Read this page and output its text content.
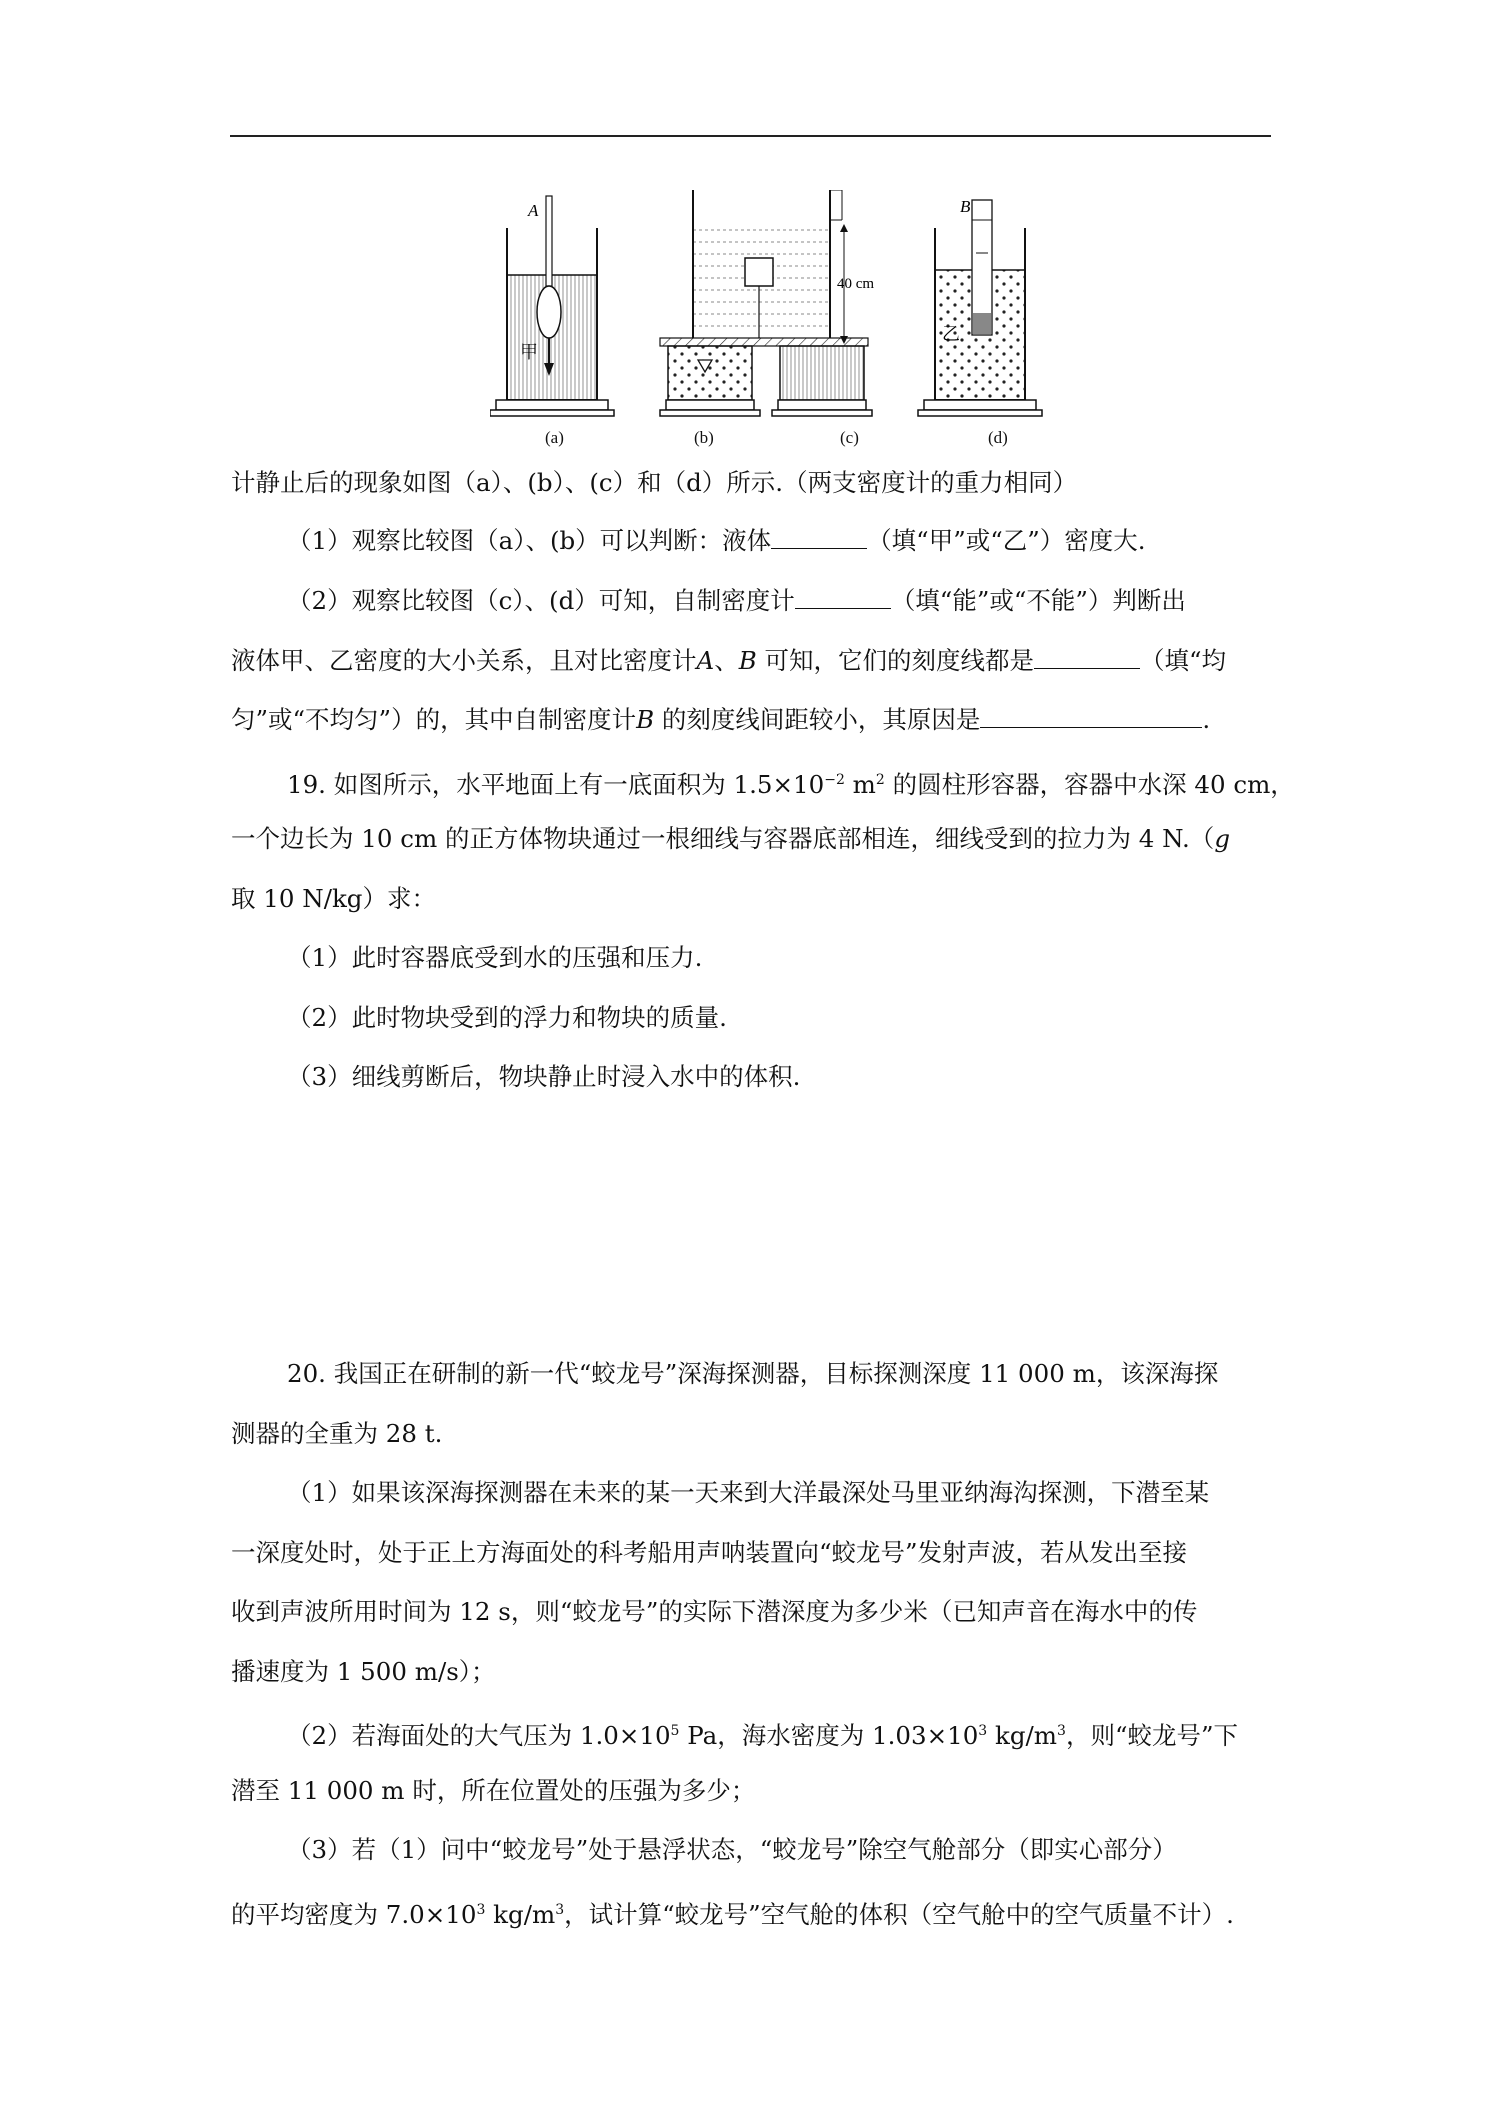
A
甲
40 cm
B
乙
(a)	(b)	(c)	(d)
计静止后的现象如图（a）、(b）、(c）和（d）所示.（两支密度计的重力相同）
（1）观察比较图（a）、(b）可以判断：液体	（填“甲”或“乙”）密度大.
（2）观察比较图（c）、(d）可知，自制密度计	（填“能”或“不能”）判断出
液体甲、乙密度的大小关系，且对比密度计A、B 可知，它们的刻度线都是	（填“均
匀”或“不均匀”）的，其中自制密度计B 的刻度线间距较小，其原因是	.
19. 如图所示，水平地面上有一底面积为 $1.5\times 10^{-2}$ $m^2$ 的圆柱形容器，容器中水深 40 cm，
一个边长为 10 cm 的正方体物块通过一根细线与容器底部相连，细线受到的拉力为 4 N.（g
取 10 N/kg）求：
（1）此时容器底受到水的压强和压力.
（2）此时物块受到的浮力和物块的质量.
（3）细线剪断后，物块静止时浸入水中的体积.
20. 我国正在研制的新一代“蛟龙号”深海探测器，目标探测深度 11 000 m，该深海探
测器的全重为 28 t.
（1）如果该深海探测器在未来的某一天来到大洋最深处马里亚纳海沟探测，下潜至某
一深度处时，处于正上方海面处的科考船用声呐装置向“蛟龙号”发射声波，若从发出至接
收到声波所用时间为 12 s，则“蛟龙号”的实际下潜深度为多少米（已知声音在海水中的传
播速度为 1 500 m/s）；
（2）若海面处的大气压为 $1.0\times 10^5$ Pa，海水密度为 $1.03\times 10^3$ $kg/m^3$，则“蛟龙号”下
潜至 11 000 m 时，所在位置处的压强为多少；
（3）若（1）问中“蛟龙号”处于悬浮状态，“蛟龙号”除空气舱部分（即实心部分）
的平均密度为 $7.0\times 10^3$ $kg/m^3$，试计算“蛟龙号”空气舱的体积（空气舱中的空气质量不计）.
